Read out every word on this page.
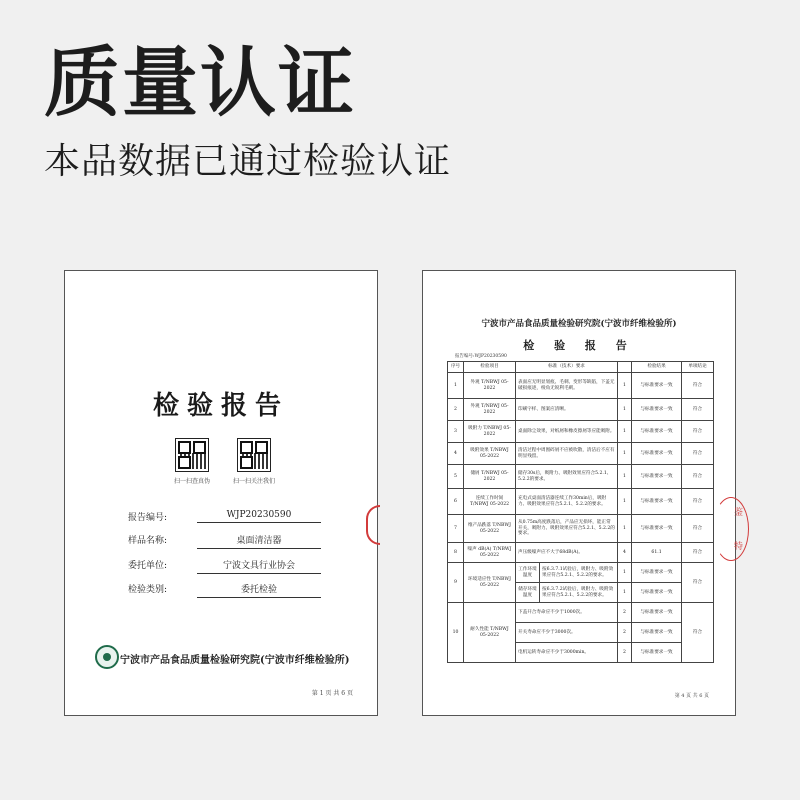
质量认证
本品数据已通过检验认证
检验报告
扫一扫查真伪	扫一扫关注我们
报告编号:	WJP20230590
样品名称:	桌面清洁器
委托单位:	宁波文具行业协会
检验类别:	委托检验
宁波市产品食品质量检验研究院(宁波市纤维检验所)
第 1 页 共 6 页
宁波市产品食品质量检验研究院(宁波市纤维检验所)
检 验 报 告
报告编号:WJP20230590
序号	检验项目	标准（技术）要求			检验结果	单项结论
1	外观 T/NBWJ 05-2022	表面应无明显划痕、毛刺、变形等缺陷，下盖无破损痕迹，棱角无锐利毛刺。		1	与标准要求一致	符合
2	外观 T/NBWJ 05-2022	印刷字样、图案应清晰。		1	与标准要求一致	符合
3	吸附力 T/NBWJ 05-2022	桌面除尘效果，对纸屑和橡皮擦屑等应能吸附。		1	与标准要求一致	符合
4	吸附效果 T/NBWJ 05-2022	清洁过程中周围碎屑不应被吹散，清洁后不应有明显残留。		1	与标准要求一致	符合
5	储屑 T/NBWJ 05-2022	储存30s后，吸附力、吸附效果应符合5.2.1、5.2.2的要求。		1	与标准要求一致	符合
6	连续工作时间 T/NBWJ 05-2022	充电式桌面清洁器连续工作30min后，吸附力、吸附效果应符合5.2.1、5.2.2的要求。		1	与标准要求一致	符合
7	维产品跌落 T/NBWJ 05-2022	从0.75m高度跌落后，产品应无损坏，能正常开关，吸附力、吸附效果应符合5.2.1、5.2.2的要求。		1	与标准要求一致	符合
8	噪声 dB(A) T/NBWJ 05-2022	声压级噪声应不大于68dB(A)。		4	61.1	符合
9	环境适应性 T/NBWJ 05-2022	工作环境温度	按6.3.7.1试验后，吸附力、吸附效果应符合5.2.1、5.2.2的要求。	1	与标准要求一致	符合
		储存环境温度	按6.3.7.2试验后，吸附力、吸附效果应符合5.2.1、5.2.2的要求。	1	与标准要求一致	
10	耐久性能 T/NBWJ 05-2022	下盖开合寿命应不少于1000次。		2	与标准要求一致	符合
		开关寿命应不少于3000次。		2	与标准要求一致	
		电机运转寿命应不少于3000min。		2	与标准要求一致	
第 4 页 共 6 页
鉴
特
